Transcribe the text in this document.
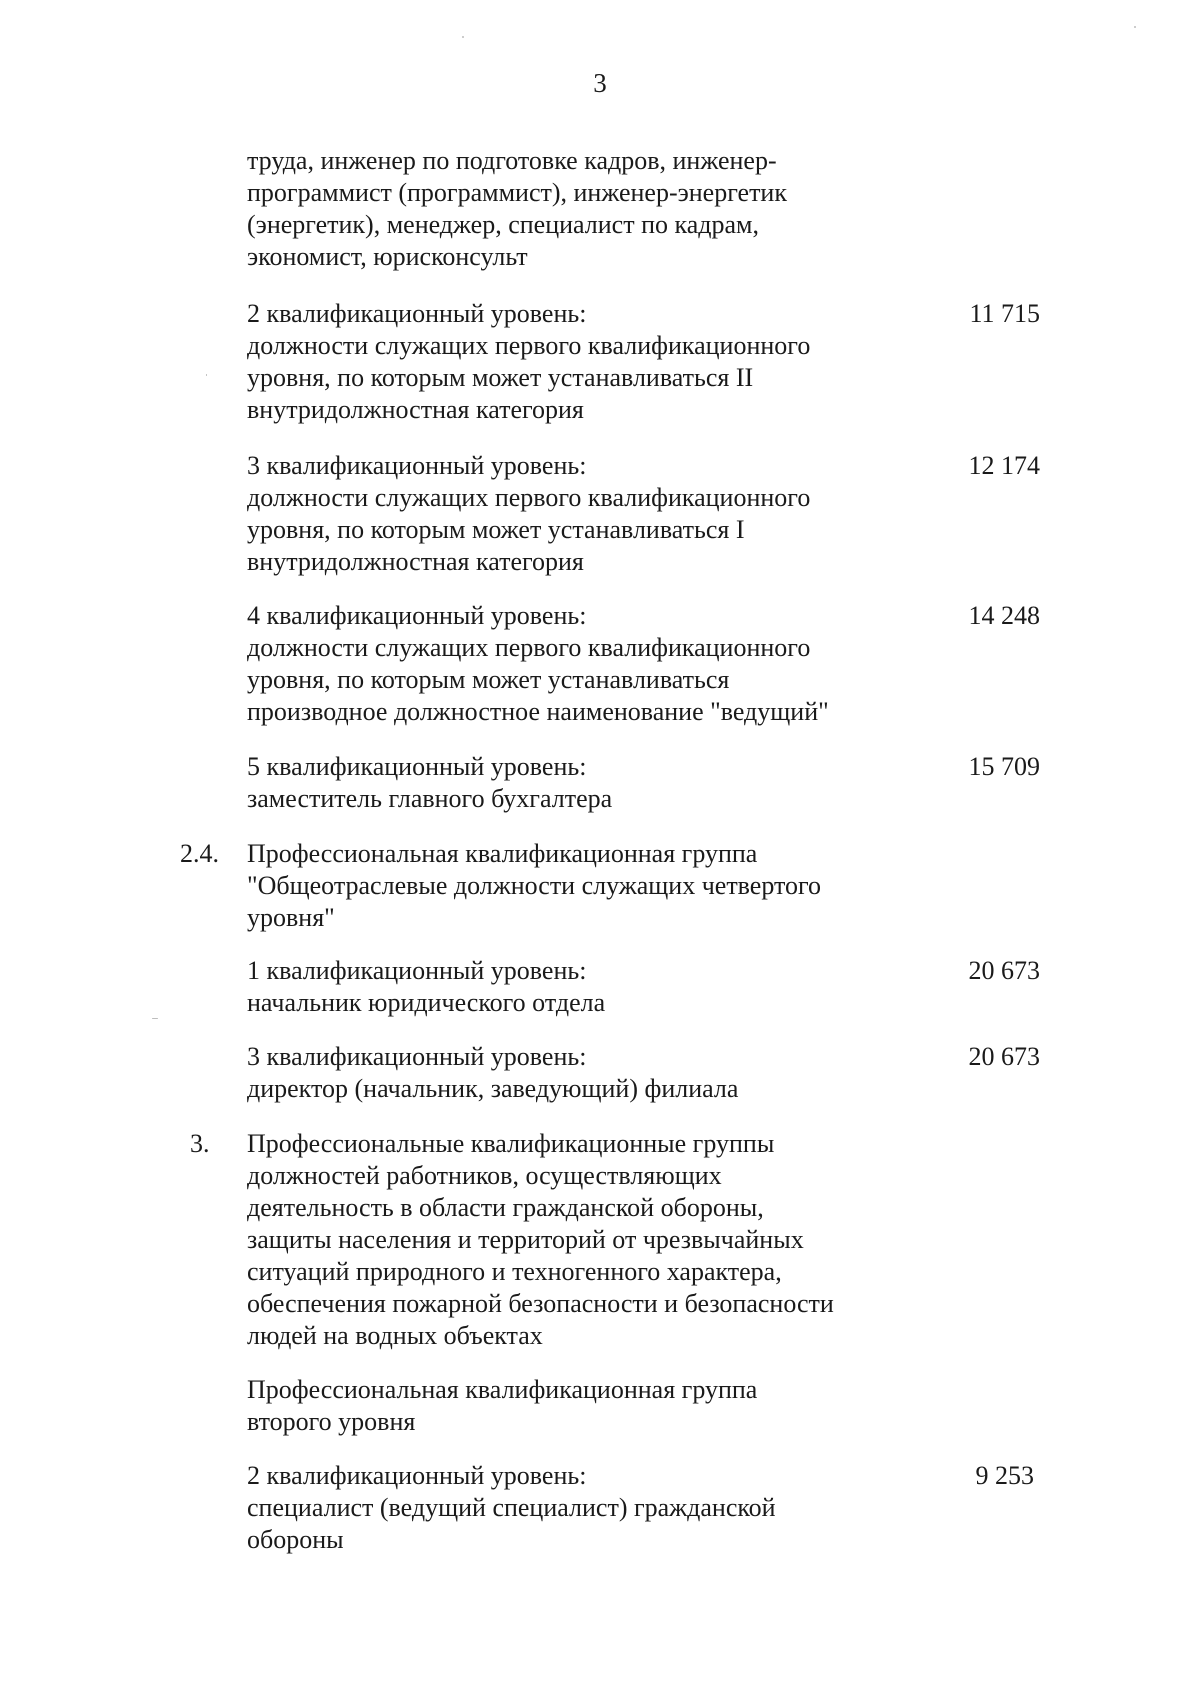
3
труда, инженер по подготовке кадров, инженер-
программист (программист), инженер-энергетик
(энергетик), менеджер, специалист по кадрам,
экономист, юрисконсульт
2 квалификационный уровень:
должности служащих первого квалификационного
уровня, по которым может устанавливаться II
внутридолжностная категория
11 715
3 квалификационный уровень:
должности служащих первого квалификационного
уровня, по которым может устанавливаться I
внутридолжностная категория
12 174
4 квалификационный уровень:
должности служащих первого квалификационного
уровня, по которым может устанавливаться
производное должностное наименование "ведущий"
14 248
5 квалификационный уровень:
заместитель главного бухгалтера
15 709
2.4.	Профессиональная квалификационная группа
"Общеотраслевые должности служащих четвертого
уровня"
1 квалификационный уровень:
начальник юридического отдела
20 673
3 квалификационный уровень:
директор (начальник, заведующий) филиала
20 673
3.	Профессиональные квалификационные группы
должностей работников, осуществляющих
деятельность в области гражданской обороны,
защиты населения и территорий от чрезвычайных
ситуаций природного и техногенного характера,
обеспечения пожарной безопасности и безопасности
людей на водных объектах
Профессиональная квалификационная группа
второго уровня
2 квалификационный уровень:
специалист (ведущий специалист) гражданской
обороны
9 253
